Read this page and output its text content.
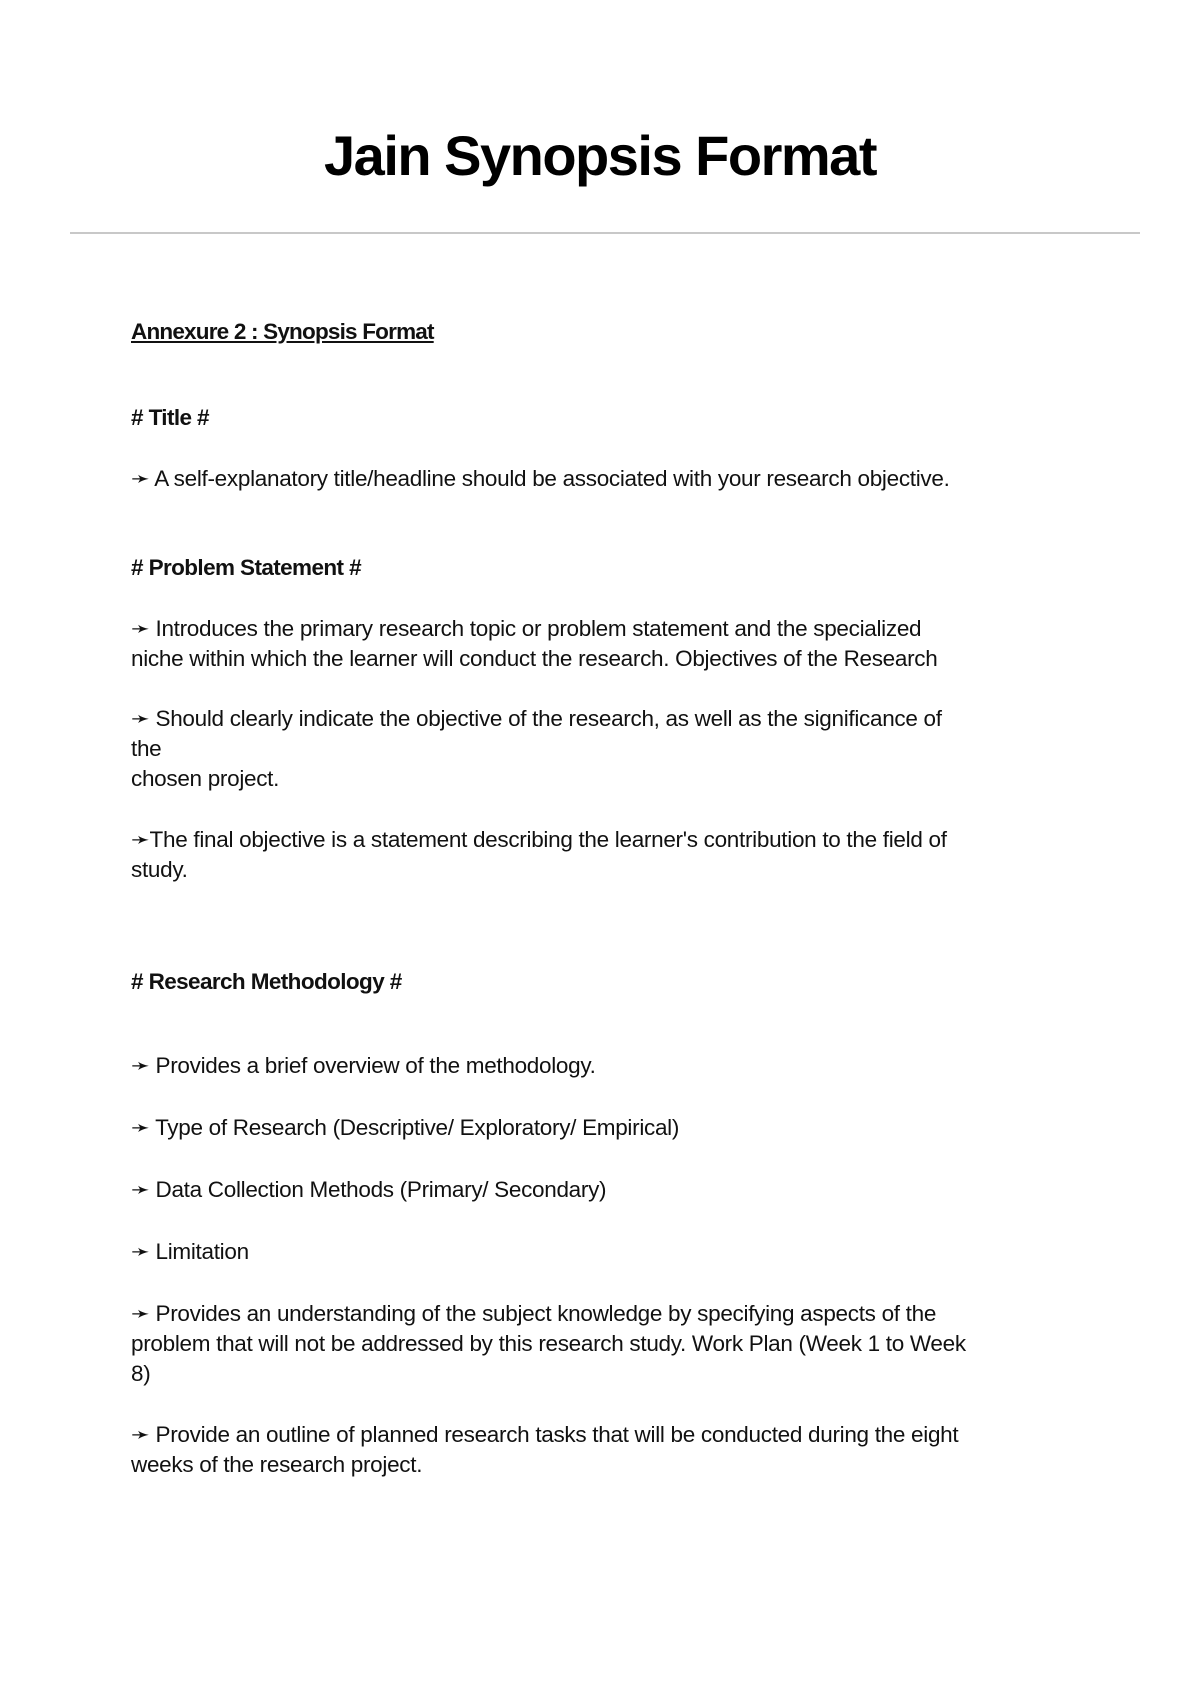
Jain Synopsis Format
Annexure 2 : Synopsis Format
# Title #
➛ A self-explanatory title/headline should be associated with your research objective.
# Problem Statement #
➛ Introduces the primary research topic or problem statement and the specialized
niche within which the learner will conduct the research. Objectives of the Research
➛ Should clearly indicate the objective of the research, as well as the significance of
the
chosen project.
➛The final objective is a statement describing the learner's contribution to the field of
study.
# Research Methodology #
➛ Provides a brief overview of the methodology.
➛ Type of Research (Descriptive/ Exploratory/ Empirical)
➛ Data Collection Methods (Primary/ Secondary)
➛ Limitation
➛ Provides an understanding of the subject knowledge by specifying aspects of the
problem that will not be addressed by this research study. Work Plan (Week 1 to Week
8)
➛ Provide an outline of planned research tasks that will be conducted during the eight
weeks of the research project.
